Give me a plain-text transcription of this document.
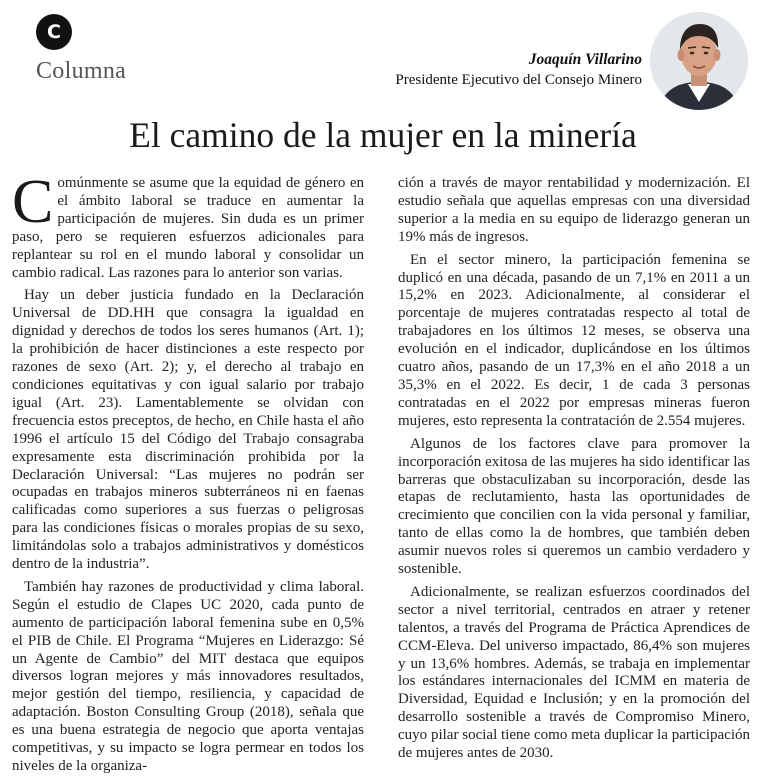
C
Columna	Joaquín Villarino
Presidente Ejecutivo del Consejo Minero
El camino de la mujer en la minería

Comúnmente se asume que la equidad de género en el ámbito laboral se traduce en aumentar la participación de mujeres. Sin duda es un primer paso, pero se requieren esfuerzos adicionales para replantear su rol en el mundo laboral y consolidar un cambio radical. Las razones para lo anterior son varias.

Hay un deber justicia fundado en la Declaración Universal de DD.HH que consagra la igualdad en dignidad y derechos de todos los seres humanos (Art. 1); la prohibición de hacer distinciones a este respecto por razones de sexo (Art. 2); y, el derecho al trabajo en condiciones equitativas y con igual salario por trabajo igual (Art. 23). Lamentablemente se olvidan con frecuencia estos preceptos, de hecho, en Chile hasta el año 1996 el artículo 15 del Código del Trabajo consagraba expresamente esta discriminación prohibida por la Declaración Universal: “Las mujeres no podrán ser ocupadas en trabajos mineros subterráneos ni en faenas calificadas como superiores a sus fuerzas o peligrosas para las condiciones físicas o morales propias de su sexo, limitándolas solo a trabajos administrativos y domésticos dentro de la industria”.

También hay razones de productividad y clima laboral. Según el estudio de Clapes UC 2020, cada punto de aumento de participación laboral femenina sube en 0,5% el PIB de Chile. El Programa “Mujeres en Liderazgo: Sé un Agente de Cambio” del MIT destaca que equipos diversos logran mejores y más innovadores resultados, mejor gestión del tiempo, resiliencia, y capacidad de adaptación. Boston Consulting Group (2018), señala que es una buena estrategia de negocio que aporta ventajas competitivas, y su impacto se logra permear en todos los niveles de la organiza-

ción a través de mayor rentabilidad y modernización. El estudio señala que aquellas empresas con una diversidad superior a la media en su equipo de liderazgo generan un 19% más de ingresos.

En el sector minero, la participación femenina se duplicó en una década, pasando de un 7,1% en 2011 a un 15,2% en 2023. Adicionalmente, al considerar el porcentaje de mujeres contratadas respecto al total de trabajadores en los últimos 12 meses, se observa una evolución en el indicador, duplicándose en los últimos cuatro años, pasando de un 17,3% en el año 2018 a un 35,3% en el 2022. Es decir, 1 de cada 3 personas contratadas en el 2022 por empresas mineras fueron mujeres, esto representa la contratación de 2.554 mujeres.

Algunos de los factores clave para promover la incorporación exitosa de las mujeres ha sido identificar las barreras que obstaculizaban su incorporación, desde las etapas de reclutamiento, hasta las oportunidades de crecimiento que concilien con la vida personal y familiar, tanto de ellas como la de hombres, que también deben asumir nuevos roles si queremos un cambio verdadero y sostenible.

Adicionalmente, se realizan esfuerzos coordinados del sector a nivel territorial, centrados en atraer y retener talentos, a través del Programa de Práctica Aprendices de CCM-Eleva. Del universo impactado, 86,4% son mujeres y un 13,6% hombres. Además, se trabaja en implementar los estándares internacionales del ICMM en materia de Diversidad, Equidad e Inclusión; y en la promoción del desarrollo sostenible a través de Compromiso Minero, cuyo pilar social tiene como meta duplicar la participación de mujeres antes de 2030.
